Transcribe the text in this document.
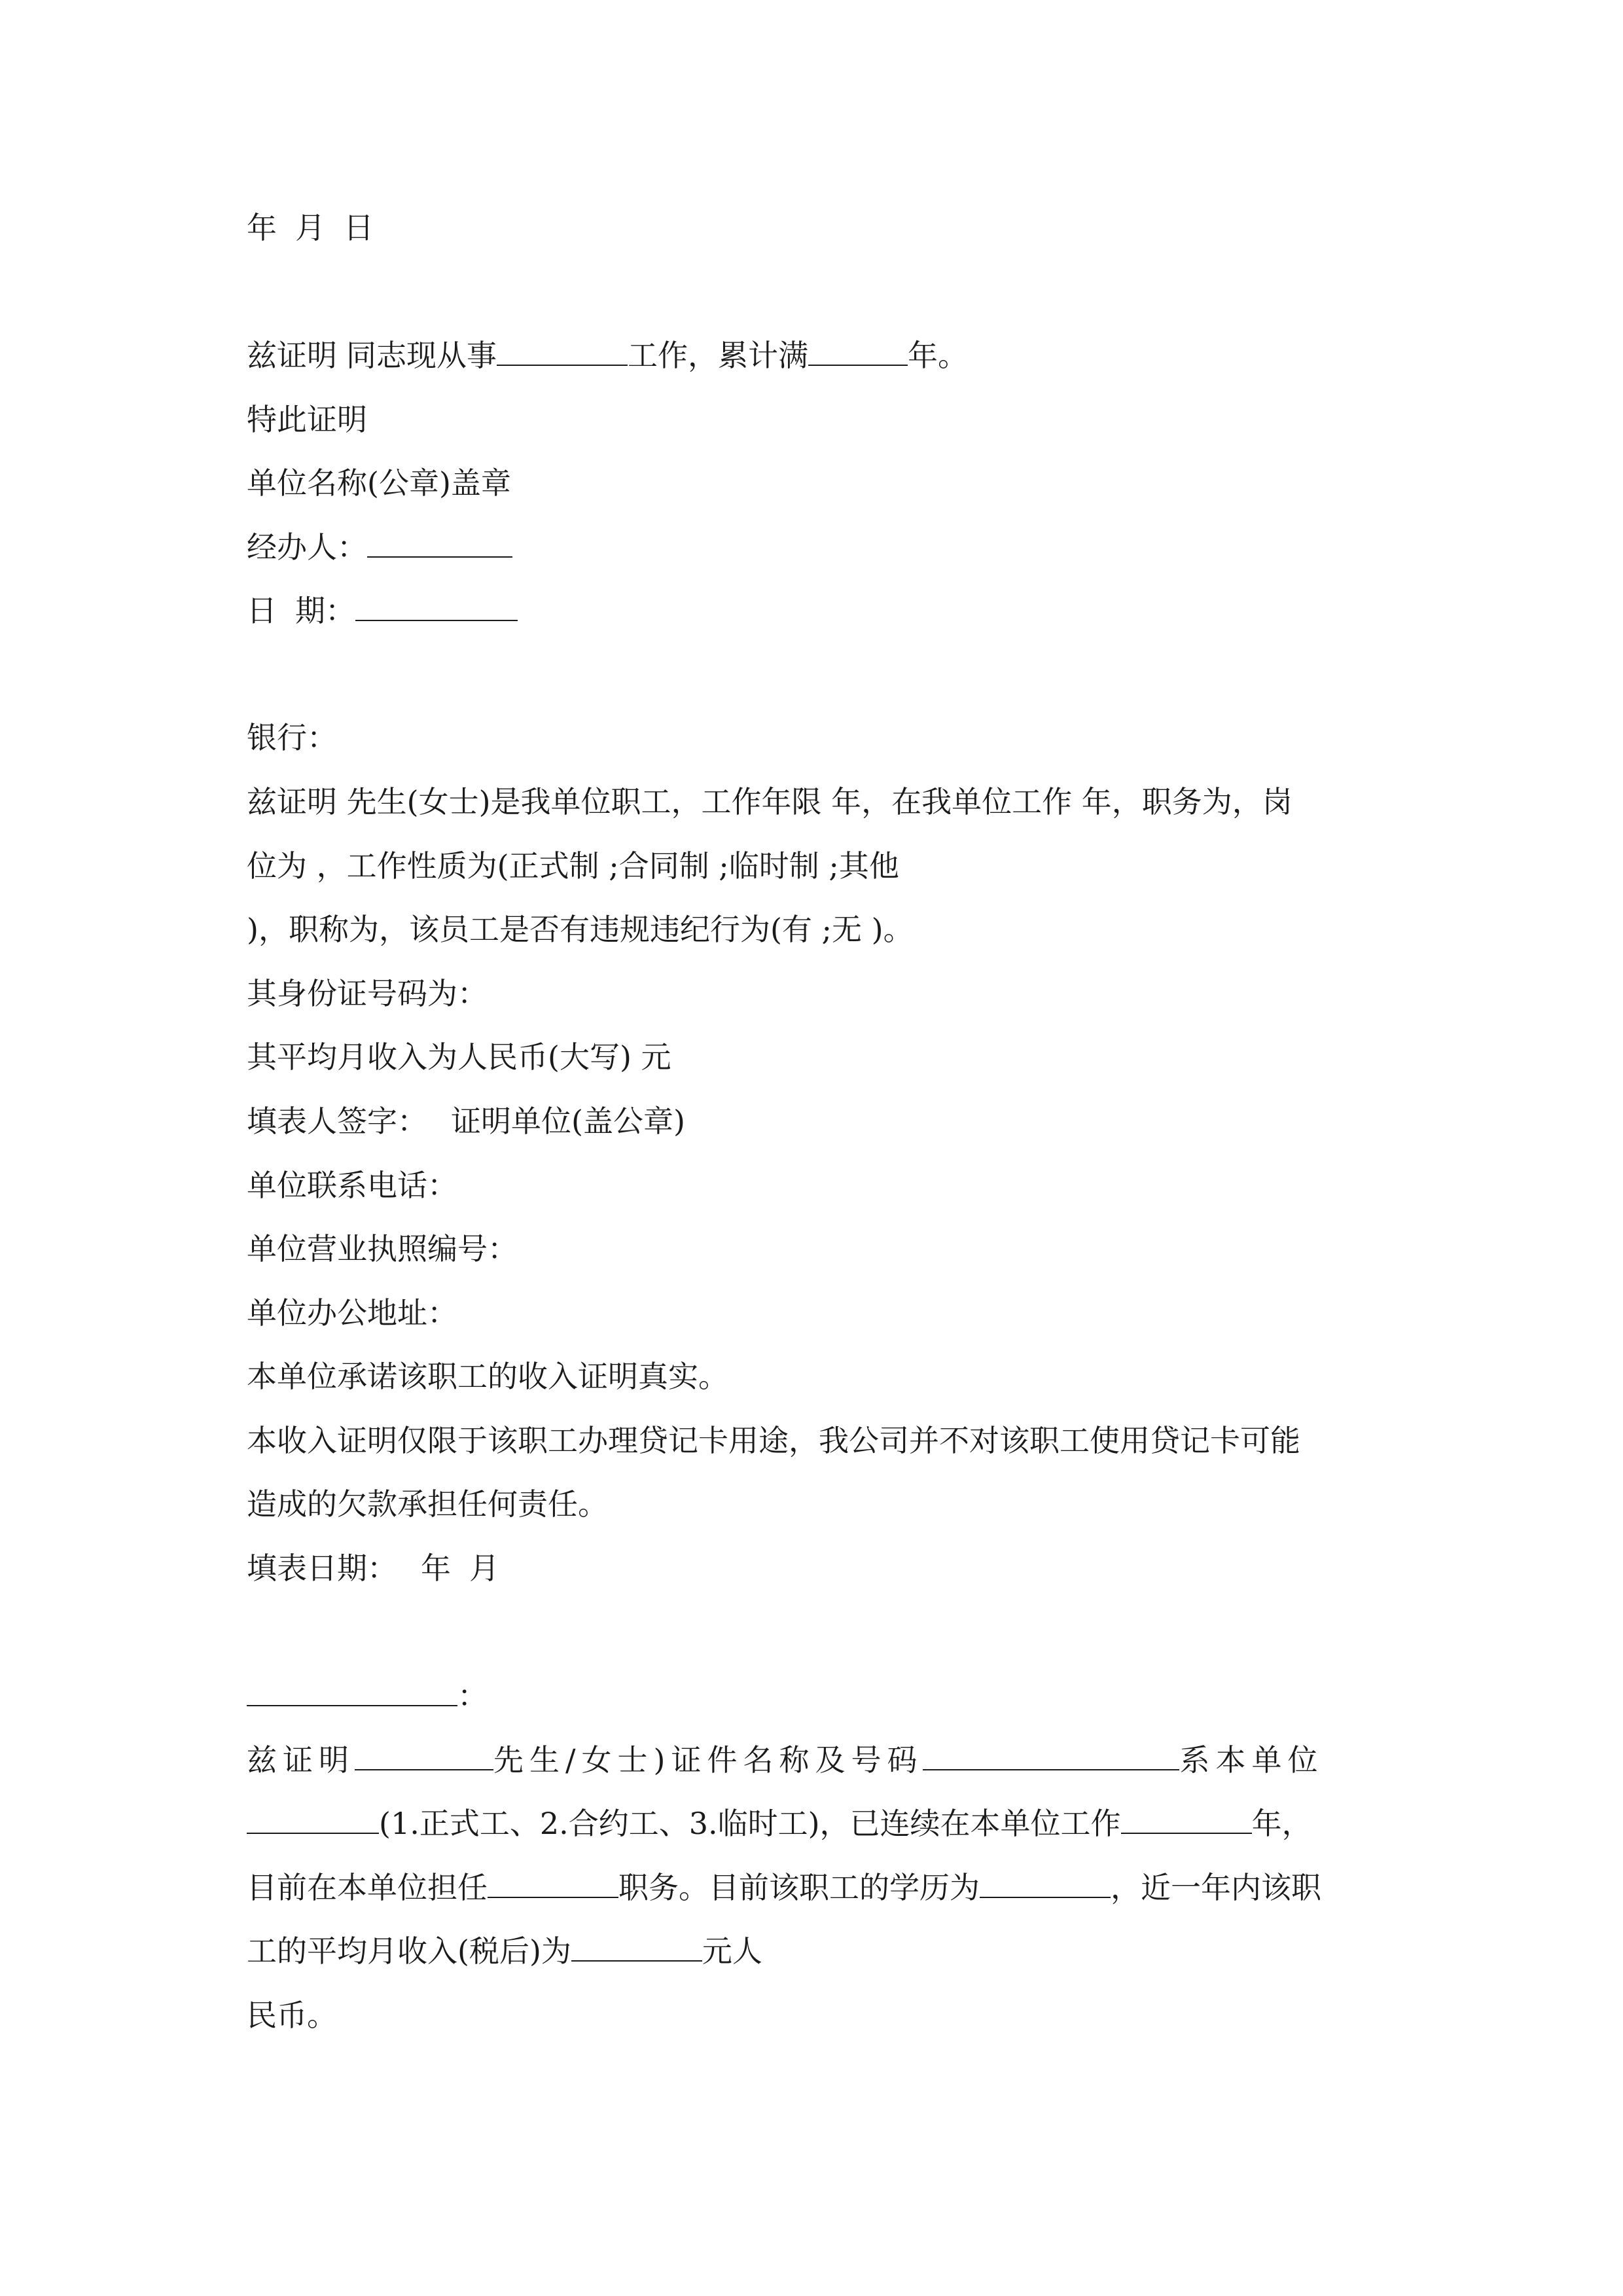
年 月 日
兹证明 同志现从事	工作，累计满	年。
特此证明
单位名称(公章)盖章
经办人：
日 期：
银行：
兹证明 先生(女士)是我单位职工，工作年限 年，在我单位工作 年，职务为，岗
位为 ，工作性质为(正式制 ;合同制 ;临时制 ;其他
)，职称为，该员工是否有违规违纪行为(有 ;无 )。
其身份证号码为：
其平均月收入为人民币(大写) 元
填表人签字： 证明单位(盖公章)
单位联系电话：
单位营业执照编号：
单位办公地址：
本单位承诺该职工的收入证明真实。
本收入证明仅限于该职工办理贷记卡用途，我公司并不对该职工使用贷记卡可能
造成的欠款承担任何责任。
填表日期： 年 月
：
兹证明	先生/女士)证件名称及号码	系本单位
(1.正式工、2.合约工、3.临时工)，已连续在本单位工作	年，
目前在本单位担任	职务。目前该职工的学历为	，近一年内该职
工的平均月收入(税后)为	元人
民币。
